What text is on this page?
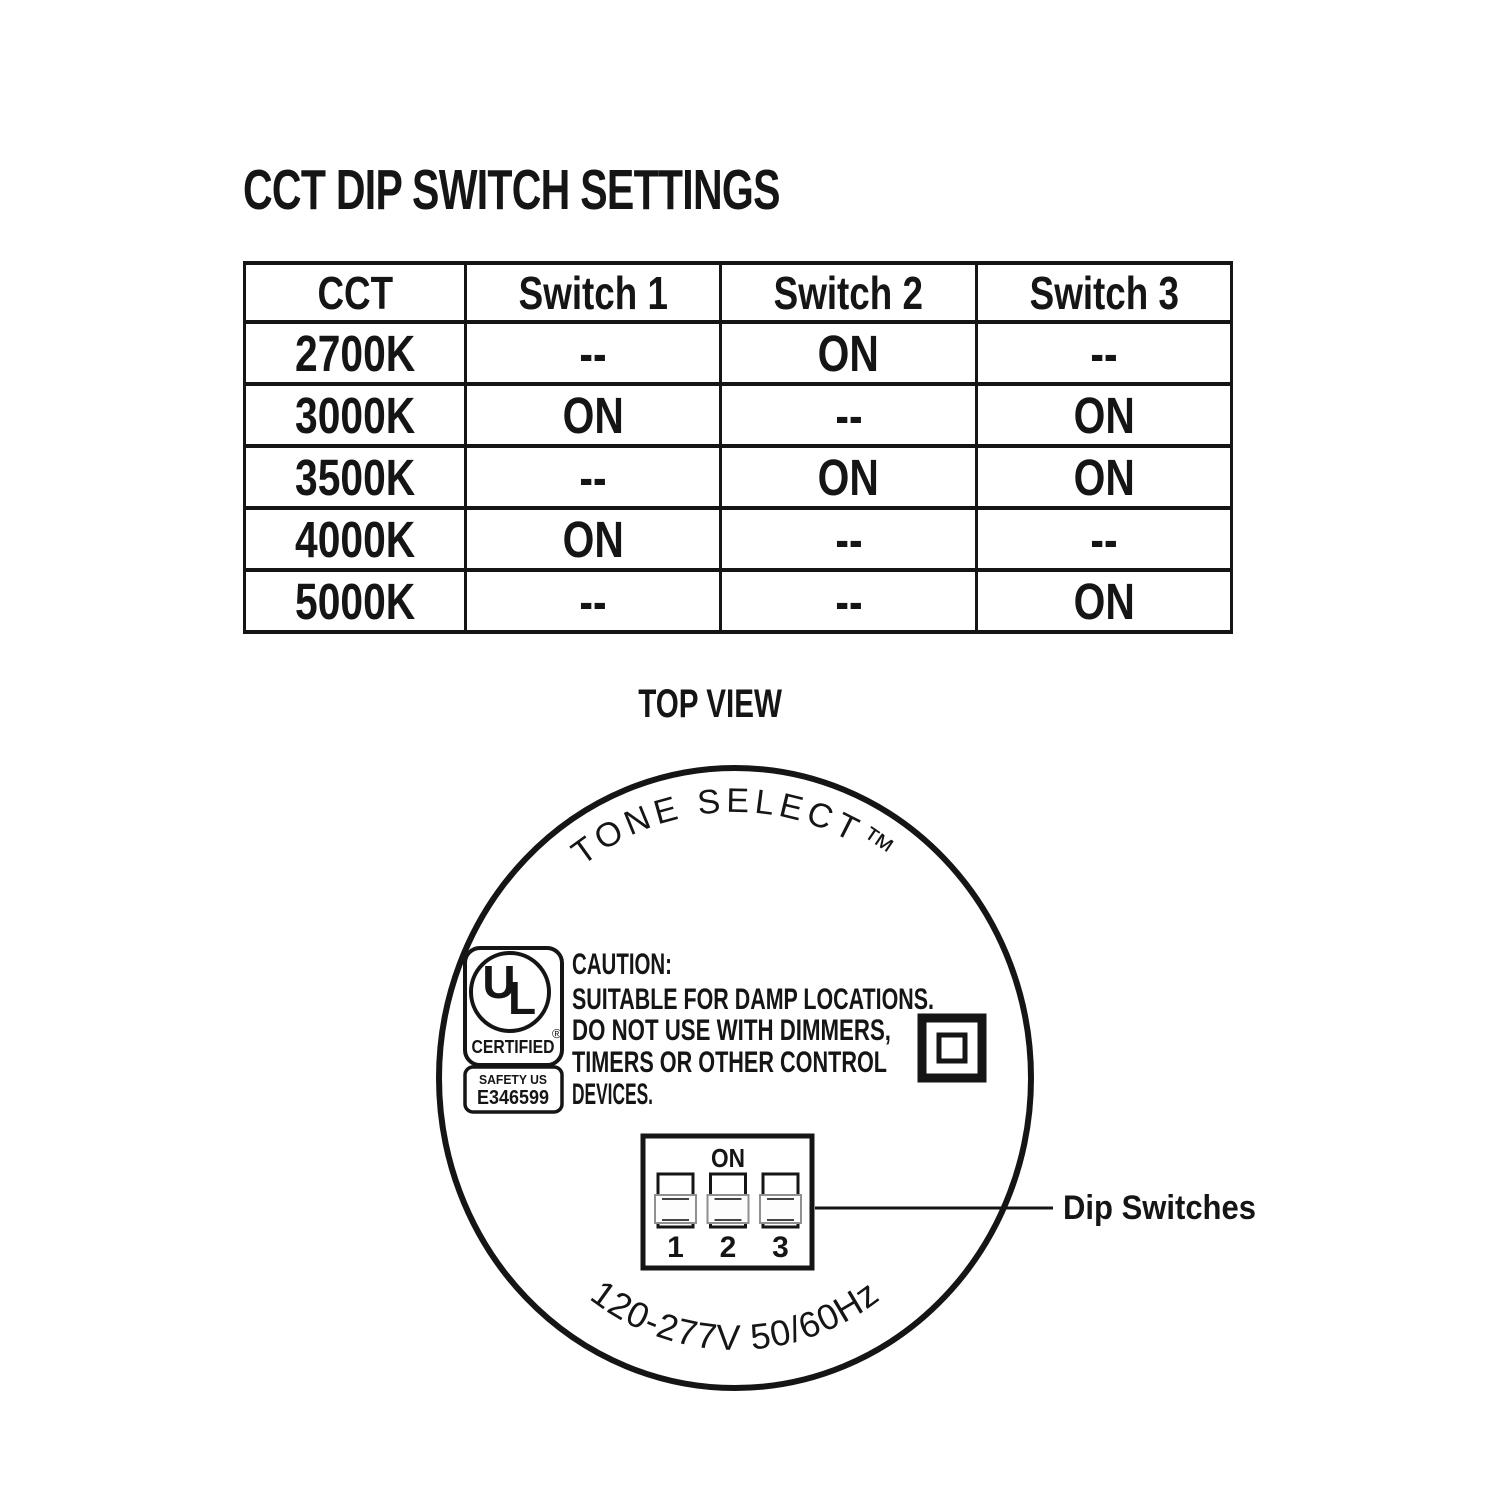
CCT DIP SWITCH SETTINGS
CCT	Switch 1	Switch 2	Switch 3
2700K	--	ON	--
3000K	ON	--	ON
3500K	--	ON	ON
4000K	ON	--	--
5000K	--	--	ON
TOP VIEW
TONE SELECT™
120-277V 50/60Hz
U
L
®
CERTIFIED
SAFETY US
E346599
CAUTION:
SUITABLE FOR DAMP LOCATIONS.
DO NOT USE WITH DIMMERS,
TIMERS OR OTHER CONTROL
DEVICES.
ON
1 2 3
Dip Switches
